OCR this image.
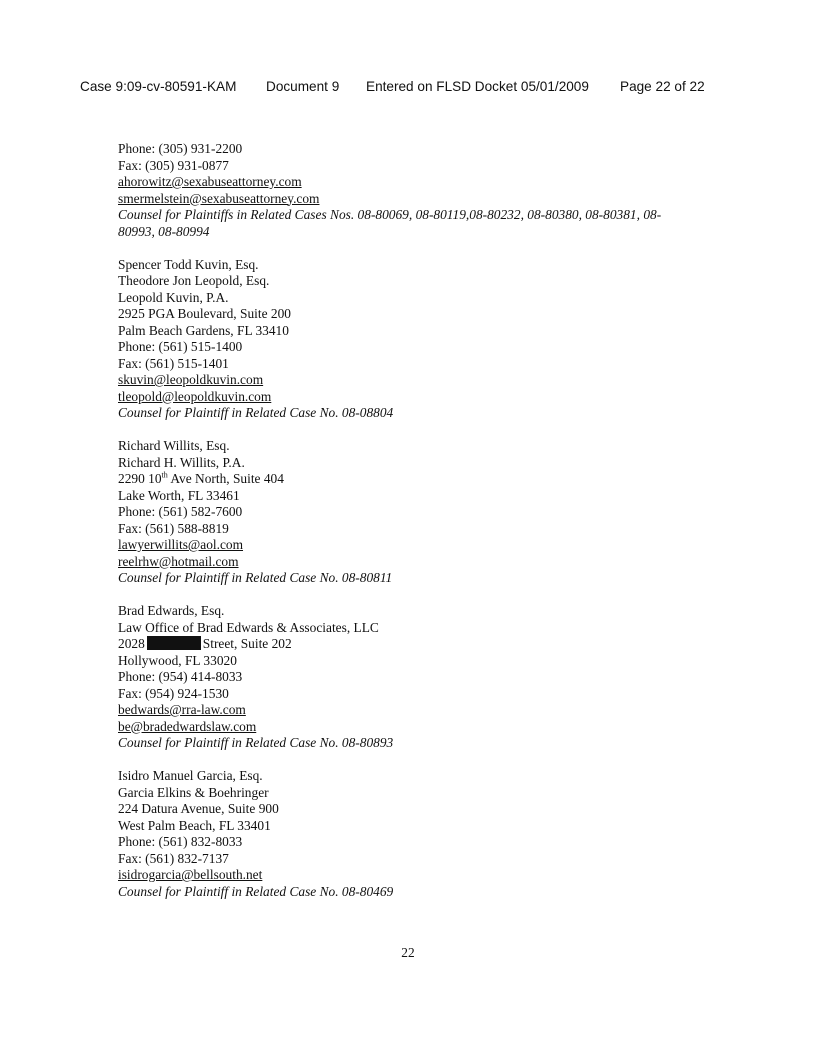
Case 9:09-cv-80591-KAM Document 9 Entered on FLSD Docket 05/01/2009 Page 22 of 22
Phone: (305) 931-2200
Fax: (305) 931-0877
ahorowitz@sexabuseattorney.com
smermelstein@sexabuseattorney.com
Counsel for Plaintiffs in Related Cases Nos. 08-80069, 08-80119,08-80232, 08-80380, 08-80381, 08-80993, 08-80994
Spencer Todd Kuvin, Esq.
Theodore Jon Leopold, Esq.
Leopold Kuvin, P.A.
2925 PGA Boulevard, Suite 200
Palm Beach Gardens, FL 33410
Phone: (561) 515-1400
Fax: (561) 515-1401
skuvin@leopoldkuvin.com
tleopold@leopoldkuvin.com
Counsel for Plaintiff in Related Case No. 08-08804
Richard Willits, Esq.
Richard H. Willits, P.A.
2290 10th Ave North, Suite 404
Lake Worth, FL 33461
Phone: (561) 582-7600
Fax: (561) 588-8819
lawyerwillits@aol.com
reelrhw@hotmail.com
Counsel for Plaintiff in Related Case No. 08-80811
Brad Edwards, Esq.
Law Office of Brad Edwards & Associates, LLC
2028	Street, Suite 202
Hollywood, FL 33020
Phone: (954) 414-8033
Fax: (954) 924-1530
bedwards@rra-law.com
be@bradedwardslaw.com
Counsel for Plaintiff in Related Case No. 08-80893
Isidro Manuel Garcia, Esq.
Garcia Elkins & Boehringer
224 Datura Avenue, Suite 900
West Palm Beach, FL 33401
Phone: (561) 832-8033
Fax: (561) 832-7137
isidrogarcia@bellsouth.net
Counsel for Plaintiff in Related Case No. 08-80469
22
